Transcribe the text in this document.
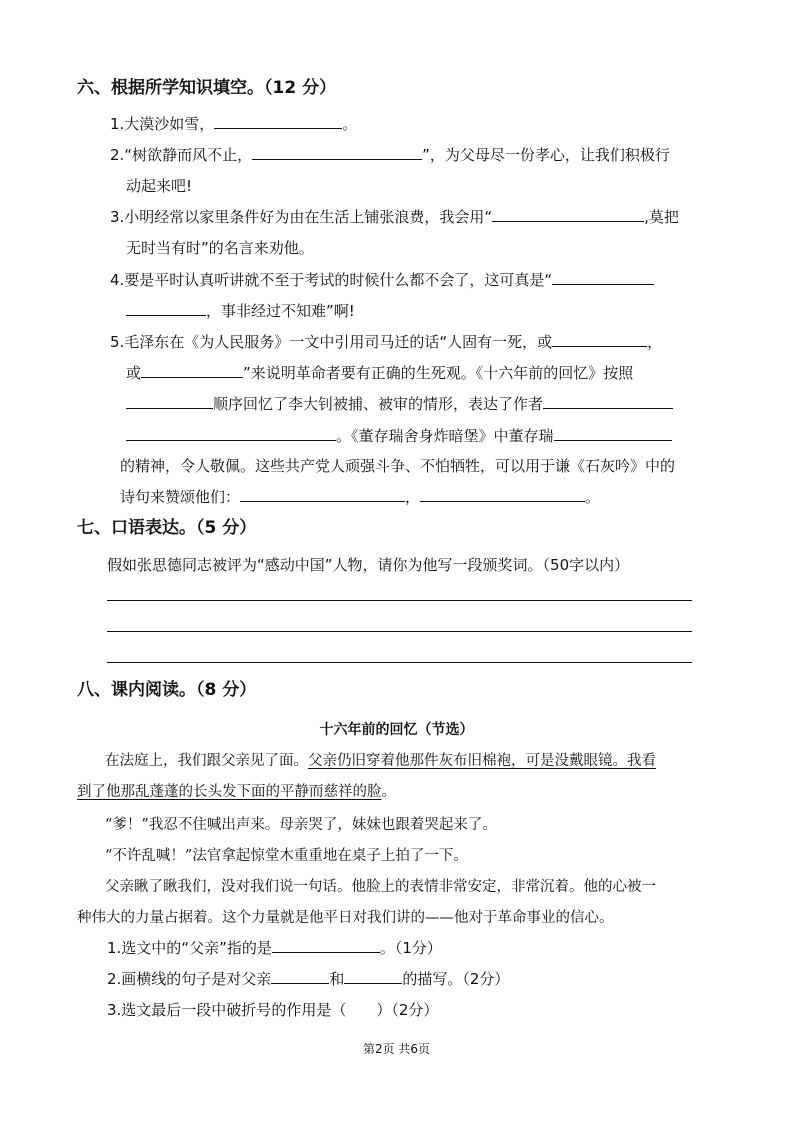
六、根据所学知识填空。（12 分）
1.大漠沙如雪，	。
2.“树欲静而风不止，	”，为父母尽一份孝心，让我们积极行
动起来吧!
3.小明经常以家里条件好为由在生活上铺张浪费，我会用“	,莫把
无时当有时”的名言来劝他。
4.要是平时认真听讲就不至于考试的时候什么都不会了，这可真是“
，事非经过不知难”啊!
5.毛泽东在《为人民服务》一文中引用司马迁的话“人固有一死，或	，
或	”来说明革命者要有正确的生死观。《十六年前的回忆》按照
顺序回忆了李大钊被捕、被审的情形，表达了作者
。《董存瑞舍身炸暗堡》中董存瑞
的精神，令人敬佩。这些共产党人顽强斗争、不怕牺牲，可以用于谦《石灰吟》中的
诗句来赞颂他们：	，	。
七、口语表达。（5 分）
假如张思德同志被评为“感动中国”人物，请你为他写一段颁奖词。（50字以内）
八、课内阅读。（8 分）
十六年前的回忆（节选）
在法庭上，我们跟父亲见了面。父亲仍旧穿着他那件灰布旧棉袍，可是没戴眼镜。我看
到了他那乱蓬蓬的长头发下面的平静而慈祥的脸。
“爹！”我忍不住喊出声来。母亲哭了，妹妹也跟着哭起来了。
“不许乱喊！”法官拿起惊堂木重重地在桌子上拍了一下。
父亲瞅了瞅我们，没对我们说一句话。他脸上的表情非常安定，非常沉着。他的心被一
种伟大的力量占据着。这个力量就是他平日对我们讲的——他对于革命事业的信心。
1.选文中的“父亲”指的是	。（1分）
2.画横线的句子是对父亲	和	的描写。（2分）
3.选文最后一段中破折号的作用是（　　）（2分）
第2页 共6页
